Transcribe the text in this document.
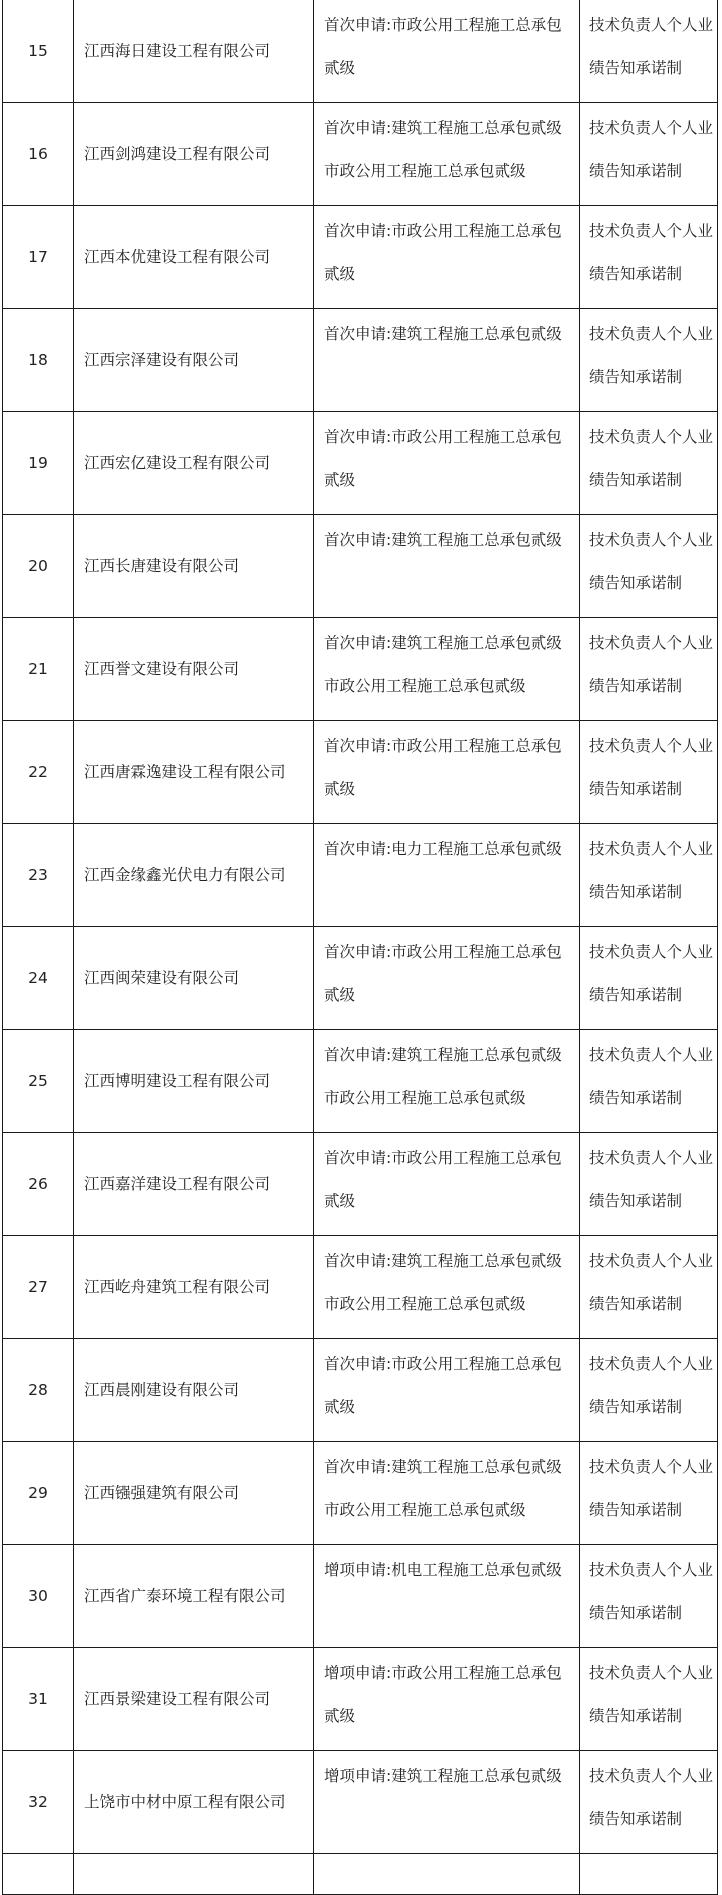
15	江西海日建设工程有限公司	首次申请:市政公用工程施工总承包贰级	技术负责人个人业绩告知承诺制
16	江西剑鸿建设工程有限公司	首次申请:建筑工程施工总承包贰级市政公用工程施工总承包贰级	技术负责人个人业绩告知承诺制
17	江西本优建设工程有限公司	首次申请:市政公用工程施工总承包贰级	技术负责人个人业绩告知承诺制
18	江西宗泽建设有限公司	首次申请:建筑工程施工总承包贰级	技术负责人个人业绩告知承诺制
19	江西宏亿建设工程有限公司	首次申请:市政公用工程施工总承包贰级	技术负责人个人业绩告知承诺制
20	江西长唐建设有限公司	首次申请:建筑工程施工总承包贰级	技术负责人个人业绩告知承诺制
21	江西誉文建设有限公司	首次申请:建筑工程施工总承包贰级市政公用工程施工总承包贰级	技术负责人个人业绩告知承诺制
22	江西唐霖逸建设工程有限公司	首次申请:市政公用工程施工总承包贰级	技术负责人个人业绩告知承诺制
23	江西金缘鑫光伏电力有限公司	首次申请:电力工程施工总承包贰级	技术负责人个人业绩告知承诺制
24	江西闽荣建设有限公司	首次申请:市政公用工程施工总承包贰级	技术负责人个人业绩告知承诺制
25	江西博明建设工程有限公司	首次申请:建筑工程施工总承包贰级市政公用工程施工总承包贰级	技术负责人个人业绩告知承诺制
26	江西嘉洋建设工程有限公司	首次申请:市政公用工程施工总承包贰级	技术负责人个人业绩告知承诺制
27	江西屹舟建筑工程有限公司	首次申请:建筑工程施工总承包贰级市政公用工程施工总承包贰级	技术负责人个人业绩告知承诺制
28	江西晨刚建设有限公司	首次申请:市政公用工程施工总承包贰级	技术负责人个人业绩告知承诺制
29	江西镪强建筑有限公司	首次申请:建筑工程施工总承包贰级市政公用工程施工总承包贰级	技术负责人个人业绩告知承诺制
30	江西省广泰环境工程有限公司	增项申请:机电工程施工总承包贰级	技术负责人个人业绩告知承诺制
31	江西景梁建设工程有限公司	增项申请:市政公用工程施工总承包贰级	技术负责人个人业绩告知承诺制
32	上饶市中材中原工程有限公司	增项申请:建筑工程施工总承包贰级	技术负责人个人业绩告知承诺制
